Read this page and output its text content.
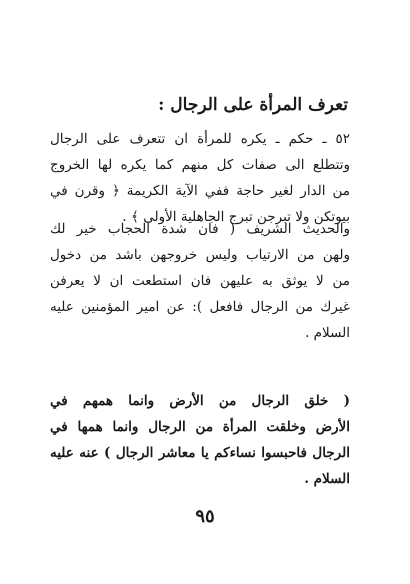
تعرف المرأة على الرجال :
٥٢ ـ حكم ـ يكره للمرأة ان تتعرف على الرجال
وتتطلع الى صفات كل منهم كما يكره لها الخروج
من الدار لغير حاجة ففي الآية الكريمة ﴿ وقرن في
بيوتكن ولا تبرجن تبرج الجاهلية الأولى ﴾ .
والحديث الشريف ( فان شدة الحجاب خير لك
ولهن من الارتياب وليس خروجهن باشد من دخول
من لا يوثق به عليهن فان استطعت ان لا يعرفن
غيرك من الرجال فافعل ): عن امير المؤمنين عليه
السلام .
( خلق الرجال من الأرض وانما همهم في
الأرض وخلقت المرأة من الرجال وانما همها في
الرجال فاحبسوا نساءكم يا معاشر الرجال ) عنه عليه
السلام .
٩٥
